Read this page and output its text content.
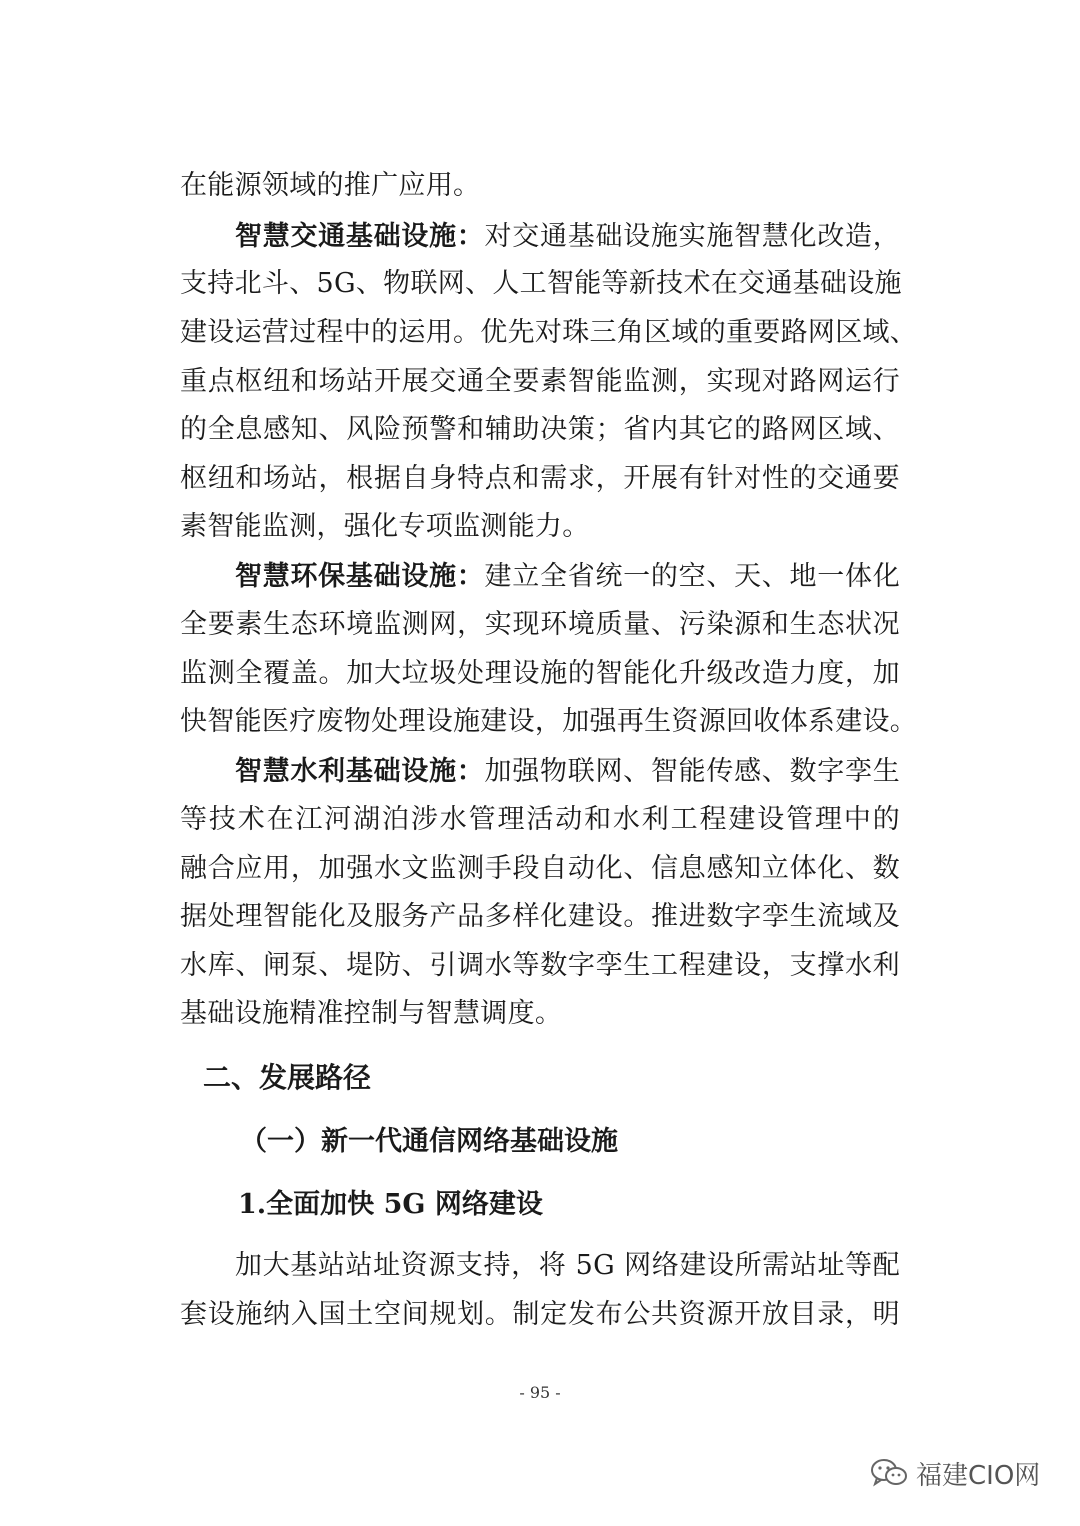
在能源领域的推广应用。
智慧交通基础设施：对交通基础设施实施智慧化改造，
支持北斗、5G、物联网、人工智能等新技术在交通基础设施
建设运营过程中的运用。优先对珠三角区域的重要路网区域、
重点枢纽和场站开展交通全要素智能监测，实现对路网运行
的全息感知、风险预警和辅助决策；省内其它的路网区域、
枢纽和场站，根据自身特点和需求，开展有针对性的交通要
素智能监测，强化专项监测能力。
智慧环保基础设施：建立全省统一的空、天、地一体化
全要素生态环境监测网，实现环境质量、污染源和生态状况
监测全覆盖。加大垃圾处理设施的智能化升级改造力度，加
快智能医疗废物处理设施建设，加强再生资源回收体系建设。
智慧水利基础设施：加强物联网、智能传感、数字孪生
等技术在江河湖泊涉水管理活动和水利工程建设管理中的
融合应用，加强水文监测手段自动化、信息感知立体化、数
据处理智能化及服务产品多样化建设。推进数字孪生流域及
水库、闸泵、堤防、引调水等数字孪生工程建设，支撑水利
基础设施精准控制与智慧调度。
二、发展路径
（一）新一代通信网络基础设施
1.全面加快 5G 网络建设
加大基站站址资源支持，将 5G 网络建设所需站址等配
套设施纳入国土空间规划。制定发布公共资源开放目录，明
- 95 -
福建CIO网
